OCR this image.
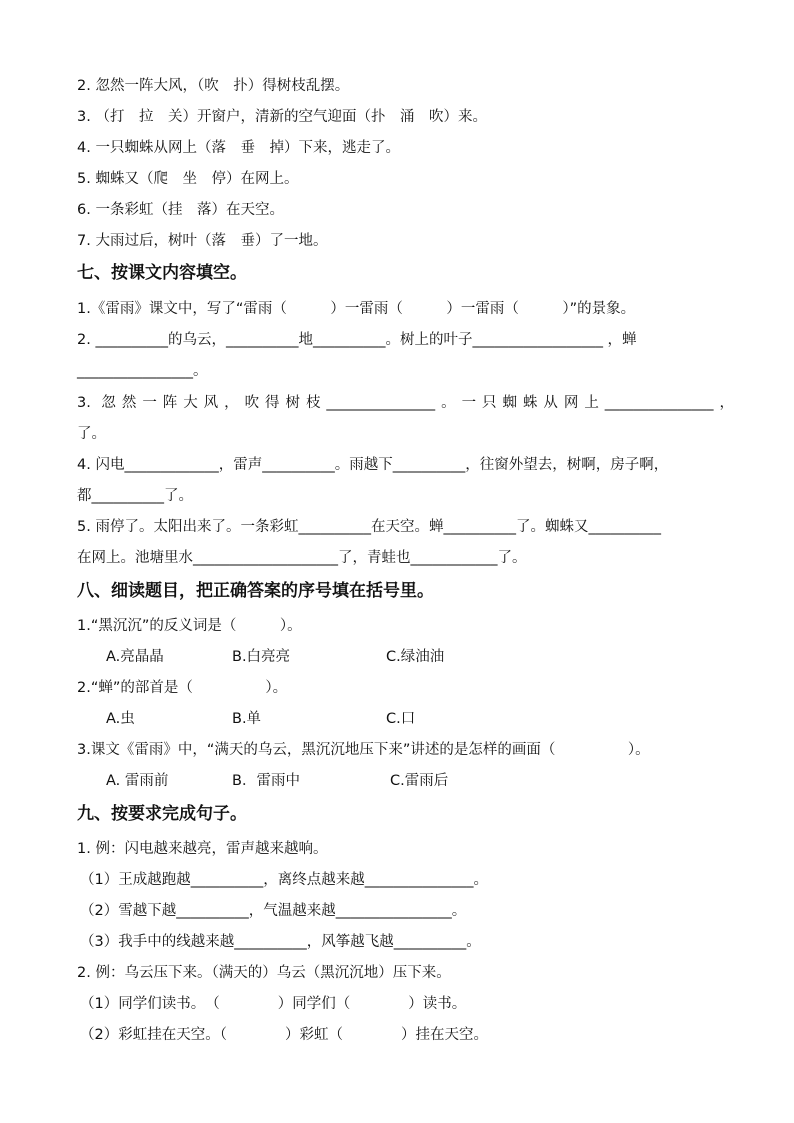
2. 忽然一阵大风，（吹　扑）得树枝乱摆。
3. （打　拉　关）开窗户，清新的空气迎面（扑　涌　吹）来。
4. 一只蜘蛛从网上（落　垂　掉）下来，逃走了。
5. 蜘蛛又（爬　坐　停）在网上。
6. 一条彩虹（挂　落）在天空。
7. 大雨过后，树叶（落　垂）了一地。
七、按课文内容填空。
1.《雷雨》课文中，写了“雷雨（　　　）一雷雨（　　　）一雷雨（　　　）”的景象。
2. __________的乌云，__________地__________。树上的叶子__________________ ，蝉
________________。
3. 忽然一阵大风，吹得树枝_______________。一只蜘蛛从网上_______________，
了。
4. 闪电_____________，雷声__________。雨越下__________，往窗外望去，树啊，房子啊，
都__________了。
5. 雨停了。太阳出来了。一条彩虹__________在天空。蝉__________了。蜘蛛又__________
在网上。池塘里水____________________了，青蛙也____________了。
八、细读题目，把正确答案的序号填在括号里。
1.“黑沉沉”的反义词是（　　　）。
A.亮晶晶	B.白亮亮	C.绿油油
2.“蝉”的部首是（　　　　　）。
A.虫	B.单	C.口
3.课文《雷雨》中，“满天的乌云，黑沉沉地压下来”讲述的是怎样的画面（　　　　　）。
A. 雷雨前	B．雷雨中	C.雷雨后
九、按要求完成句子。
1. 例：闪电越来越亮，雷声越来越响。
（1）王成越跑越__________，离终点越来越_______________。
（2）雪越下越__________，气温越来越________________。
（3）我手中的线越来越__________，风筝越飞越__________。
2. 例：乌云压下来。（满天的）乌云（黑沉沉地）压下来。
（1）同学们读书。　（　　　　）同学们（　　　　）读书。
（2）彩虹挂在天空。（　　　　）彩虹（　　　　）挂在天空。
